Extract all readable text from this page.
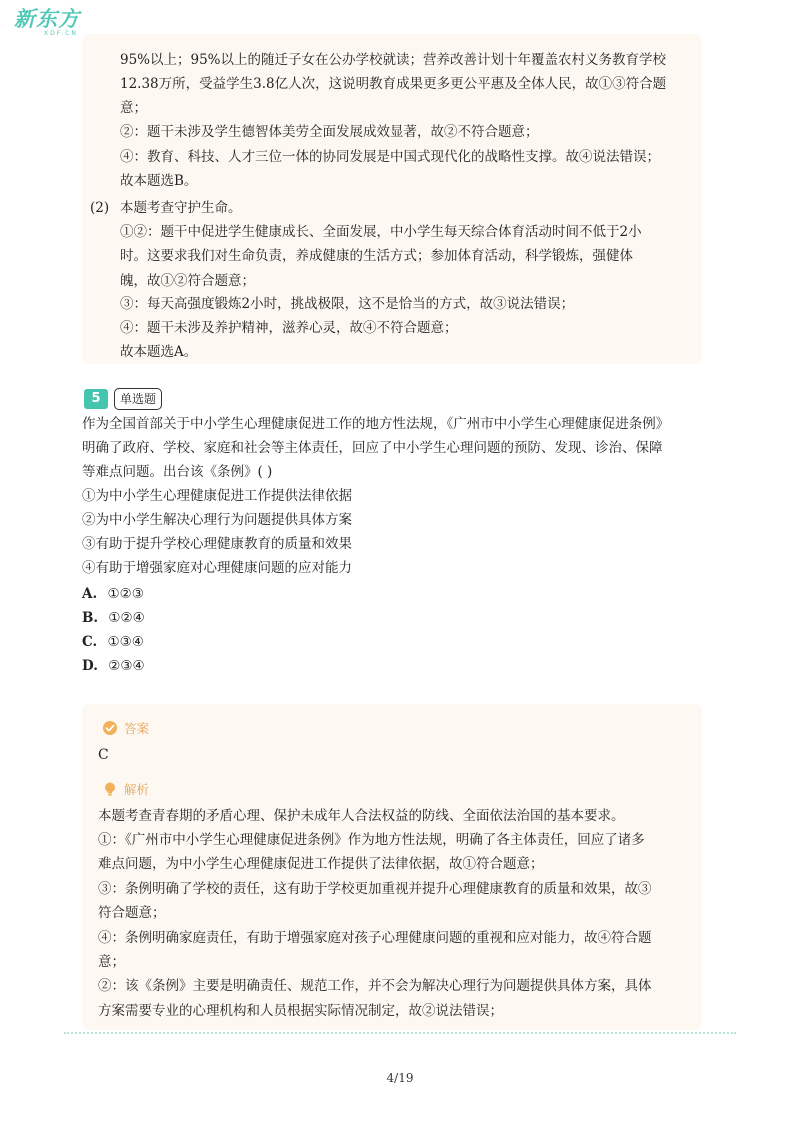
新东方
XDF.CN

95%以上；95%以上的随迁子女在公办学校就读；营养改善计划十年覆盖农村义务教育学校

12.38万所，受益学生3.8亿人次，这说明教育成果更多更公平惠及全体人民，故①③符合题

意；

②：题干未涉及学生德智体美劳全面发展成效显著，故②不符合题意；

④：教育、科技、人才三位一体的协同发展是中国式现代化的战略性支撑。故④说法错误；

故本题选B。

(2) 本题考查守护生命。

①②：题干中促进学生健康成长、全面发展，中小学生每天综合体育活动时间不低于2小

时。这要求我们对生命负责，养成健康的生活方式；参加体育活动，科学锻炼，强健体

魄，故①②符合题意；

③：每天高强度锻炼2小时，挑战极限，这不是恰当的方式，故③说法错误；

④：题干未涉及养护精神，滋养心灵，故④不符合题意；

故本题选A。

5	单选题

作为全国首部关于中小学生心理健康促进工作的地方性法规，《广州市中小学生心理健康促进条例》

明确了政府、学校、家庭和社会等主体责任，回应了中小学生心理问题的预防、发现、诊治、保障

等难点问题。出台该《条例》( )

①为中小学生心理健康促进工作提供法律依据

②为中小学生解决心理行为问题提供具体方案

③有助于提升学校心理健康教育的质量和效果

④有助于增强家庭对心理健康问题的应对能力

A. ①②③
B. ①②④
C. ①③④
D. ②③④
答案
C
解析

本题考查青春期的矛盾心理、保护未成年人合法权益的防线、全面依法治国的基本要求。

①：《广州市中小学生心理健康促进条例》作为地方性法规，明确了各主体责任，回应了诸多

难点问题，为中小学生心理健康促进工作提供了法律依据，故①符合题意；

③：条例明确了学校的责任，这有助于学校更加重视并提升心理健康教育的质量和效果，故③

符合题意；

④：条例明确家庭责任，有助于增强家庭对孩子心理健康问题的重视和应对能力，故④符合题

意；

②：该《条例》主要是明确责任、规范工作，并不会为解决心理行为问题提供具体方案，具体

方案需要专业的心理机构和人员根据实际情况制定，故②说法错误；

4/19
